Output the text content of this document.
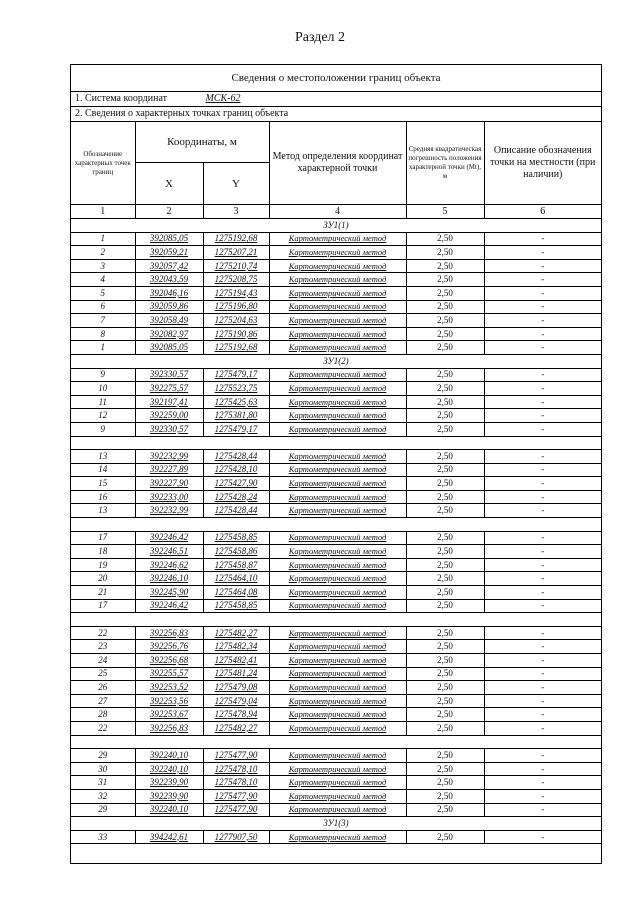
Раздел 2
Сведения о местоположении границ объекта
1. Система координат	МСК-62
2. Сведения о характерных точках границ объекта
Обозначение характерных точек границ	Координаты, м		Метод определения координат характерной точки	Средняя квадратическая погрешность положения характерной точки (Mt), м	Описание обозначения точки на местности (при наличии)
	X	Y			
1	2	3	4	5	6
ЗУ1(1)					
1	392085,05	1275192,68	Картометрический метод	2,50	-
2	392059,21	1275207,21	Картометрический метод	2,50	-
3	392057,42	1275210,74	Картометрический метод	2,50	-
4	392043,59	1275208,75	Картометрический метод	2,50	-
5	392046,16	1275194,43	Картометрический метод	2,50	-
6	392059,86	1275196,80	Картометрический метод	2,50	-
7	392058,49	1275204,63	Картометрический метод	2,50	-
8	392082,97	1275190,86	Картометрический метод	2,50	-
1	392085,05	1275192,68	Картометрический метод	2,50	-
ЗУ1(2)					
9	392330,57	1275479,17	Картометрический метод	2,50	-
10	392275,57	1275523,75	Картометрический метод	2,50	-
11	392197,41	1275425,63	Картометрический метод	2,50	-
12	392259,00	1275381,80	Картометрический метод	2,50	-
9	392330,57	1275479,17	Картометрический метод	2,50	-

13	392232,99	1275428,44	Картометрический метод	2,50	-
14	392227,89	1275428,10	Картометрический метод	2,50	-
15	392227,90	1275427,90	Картометрический метод	2,50	-
16	392233,00	1275428,24	Картометрический метод	2,50	-
13	392232,99	1275428,44	Картометрический метод	2,50	-

17	392246,42	1275458,85	Картометрический метод	2,50	-
18	392246,51	1275458,86	Картометрический метод	2,50	-
19	392246,62	1275458,87	Картометрический метод	2,50	-
20	392246,10	1275464,10	Картометрический метод	2,50	-
21	392245,90	1275464,08	Картометрический метод	2,50	-
17	392246,42	1275458,85	Картометрический метод	2,50	-

22	392256,83	1275482,27	Картометрический метод	2,50	-
23	392256,76	1275482,34	Картометрический метод	2,50	-
24	392256,68	1275482,41	Картометрический метод	2,50	-
25	392255,57	1275481,24	Картометрический метод	2,50	-
26	392253,52	1275479,08	Картометрический метод	2,50	-
27	392253,56	1275479,04	Картометрический метод	2,50	-
28	392253,67	1275478,94	Картометрический метод	2,50	-
22	392256,83	1275482,27	Картометрический метод	2,50	-

29	392240,10	1275477,90	Картометрический метод	2,50	-
30	392240,10	1275478,10	Картометрический метод	2,50	-
31	392239,90	1275478,10	Картометрический метод	2,50	-
32	392239,90	1275477,90	Картометрический метод	2,50	-
29	392240,10	1275477,90	Картометрический метод	2,50	-
ЗУ1(3)					
33	394242,61	1277907,50	Картометрический метод	2,50	-
